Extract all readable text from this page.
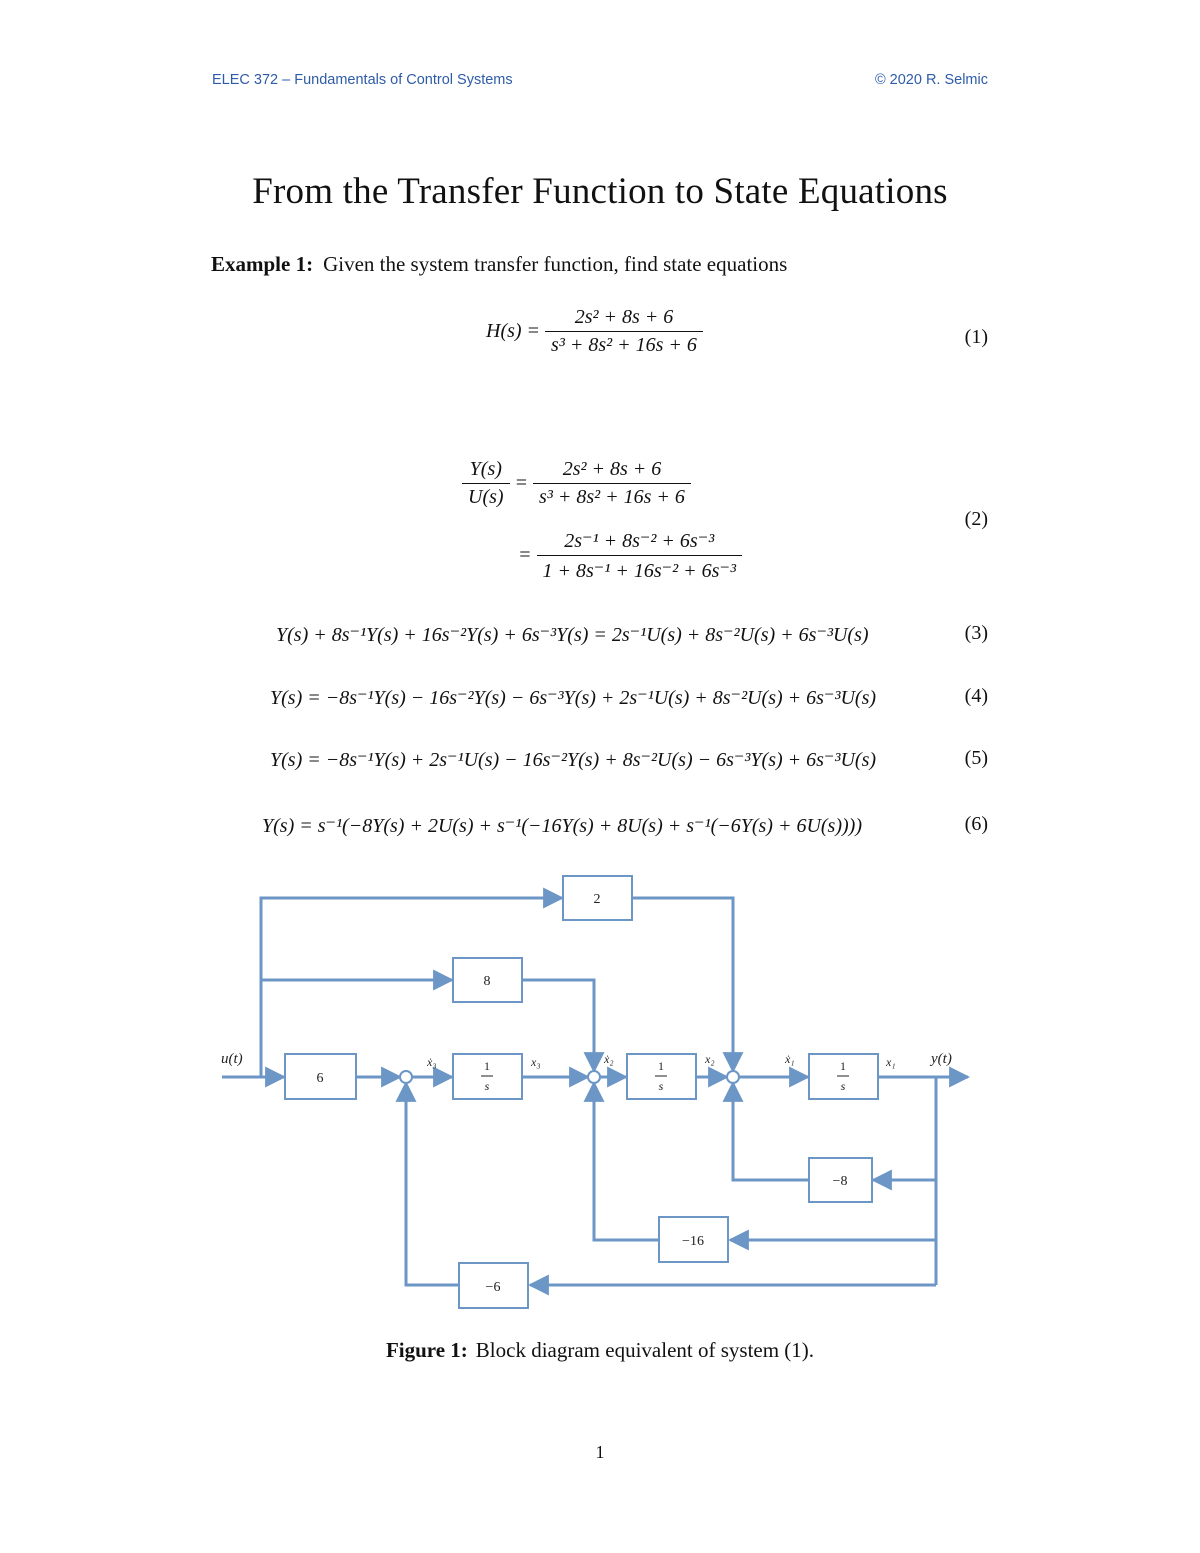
ELEC 372 – Fundamentals of Control Systems	© 2020 R. Selmic
From the Transfer Function to State Equations
Example 1: Given the system transfer function, find state equations
$H(s) = \frac{\text{2s² + 8s + 6}}{\text{s³ + 8s² + 16s + 6}}$	(1)
$\frac{Y(s)}{U(s)} = \frac{\text{2s² + 8s + 6}}{\text{s³ + 8s² + 16s + 6}}$
= $\frac{\text{2s⁻¹ + 8s⁻² + 6s⁻³}}{\text{1 + 8s⁻¹ + 16s⁻² + 6s⁻³}}$
(2)
Y(s) + 8s⁻¹Y(s) + 16s⁻²Y(s) + 6s⁻³Y(s) = 2s⁻¹U(s) + 8s⁻²U(s) + 6s⁻³U(s)	(3)
Y(s) = −8s⁻¹Y(s) − 16s⁻²Y(s) − 6s⁻³Y(s) + 2s⁻¹U(s) + 8s⁻²U(s) + 6s⁻³U(s)	(4)
Y(s) = −8s⁻¹Y(s) + 2s⁻¹U(s) − 16s⁻²Y(s) + 8s⁻²U(s) − 6s⁻³Y(s) + 6s⁻³U(s)	(5)
Y(s) = s⁻¹(−8Y(s) + 2U(s) + s⁻¹(−16Y(s) + 8U(s) + s⁻¹(−6Y(s) + 6U(s))))	(6)
2
8
6
1
s
1
s
1
s
−8
−16
−6
u(t)	y(t)
ẋ₃	x₃	ẋ₂	x₂	ẋ₁	x₁
Figure 1: Block diagram equivalent of system (1).
1
